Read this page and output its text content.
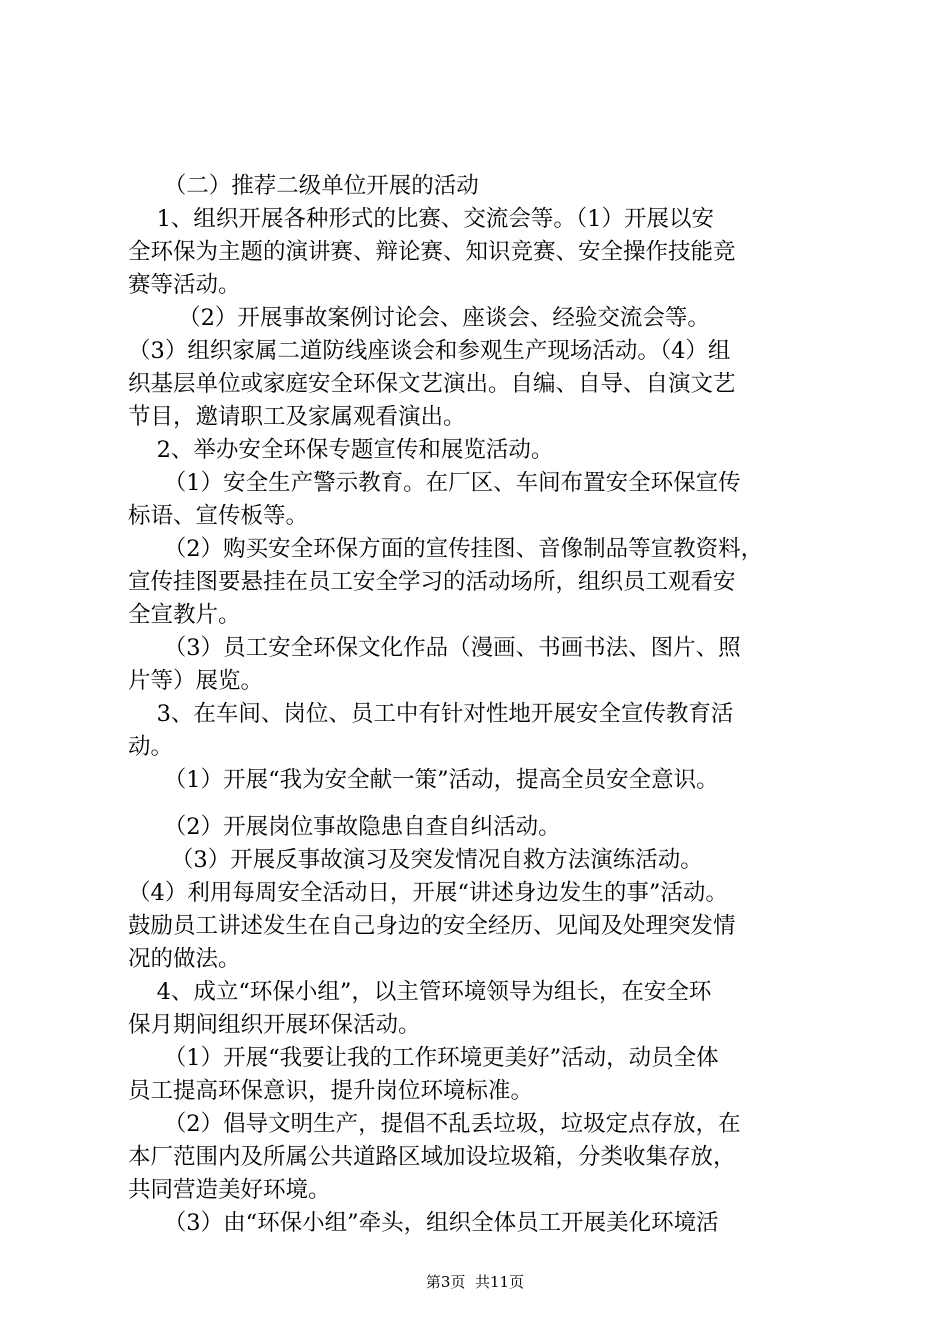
（二）推荐二级单位开展的活动
1、组织开展各种形式的比赛、交流会等。（1）开展以安
全环保为主题的演讲赛、辩论赛、知识竞赛、安全操作技能竞
赛等活动。
（2）开展事故案例讨论会、座谈会、经验交流会等。
（3）组织家属二道防线座谈会和参观生产现场活动。（4）组
织基层单位或家庭安全环保文艺演出。自编、自导、自演文艺
节目，邀请职工及家属观看演出。
2、举办安全环保专题宣传和展览活动。
（1）安全生产警示教育。在厂区、车间布置安全环保宣传
标语、宣传板等。
（2）购买安全环保方面的宣传挂图、音像制品等宣教资料，
宣传挂图要悬挂在员工安全学习的活动场所，组织员工观看安
全宣教片。
（3）员工安全环保文化作品（漫画、书画书法、图片、照
片等）展览。
3、在车间、岗位、员工中有针对性地开展安全宣传教育活
动。
（1）开展“我为安全献一策”活动，提高全员安全意识。
（2）开展岗位事故隐患自查自纠活动。
（3）开展反事故演习及突发情况自救方法演练活动。
（4）利用每周安全活动日，开展“讲述身边发生的事”活动。
鼓励员工讲述发生在自己身边的安全经历、见闻及处理突发情
况的做法。
4、成立“环保小组”，以主管环境领导为组长，在安全环
保月期间组织开展环保活动。
（1）开展“我要让我的工作环境更美好”活动，动员全体
员工提高环保意识，提升岗位环境标准。
（2）倡导文明生产，提倡不乱丢垃圾，垃圾定点存放，在
本厂范围内及所属公共道路区域加设垃圾箱，分类收集存放，
共同营造美好环境。
（3）由“环保小组”牵头，组织全体员工开展美化环境活
第3页  共11页
